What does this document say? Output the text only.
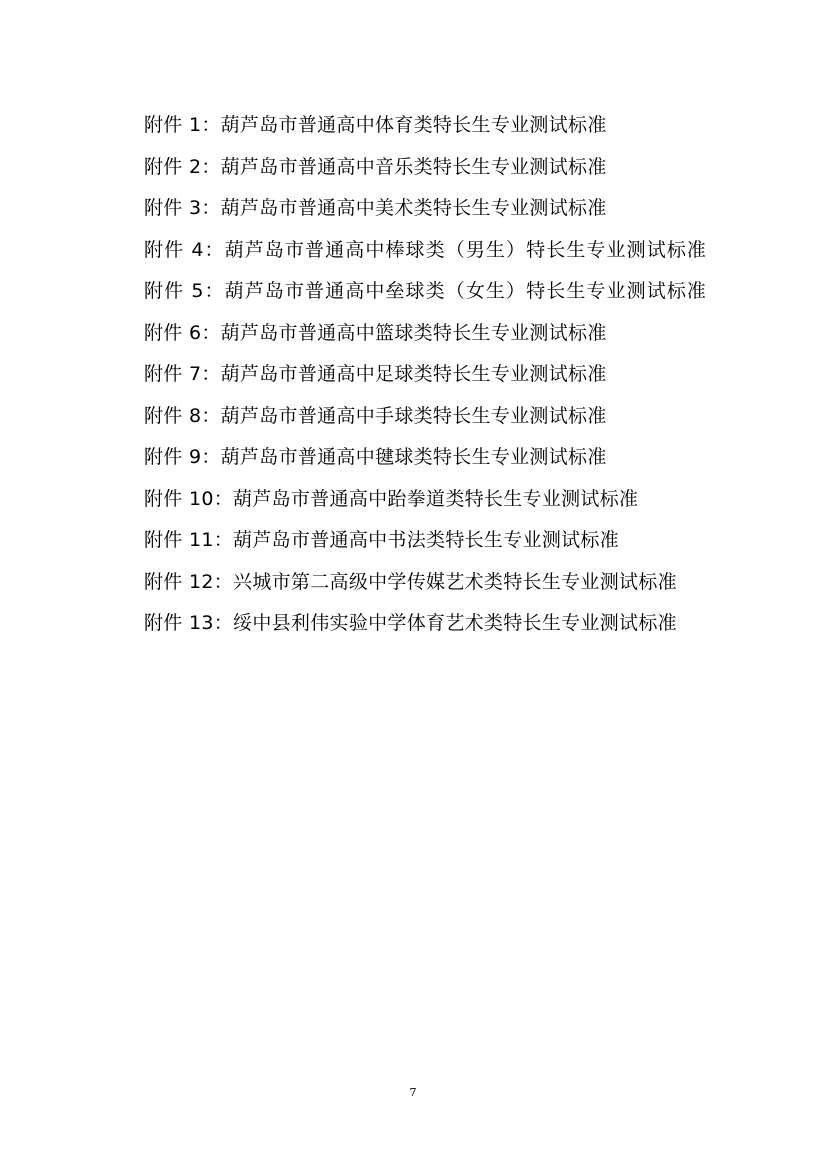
附件 1：葫芦岛市普通高中体育类特长生专业测试标准
附件 2：葫芦岛市普通高中音乐类特长生专业测试标准
附件 3：葫芦岛市普通高中美术类特长生专业测试标准
附件 4：葫芦岛市普通高中棒球类（男生）特长生专业测试标准
附件 5：葫芦岛市普通高中垒球类（女生）特长生专业测试标准
附件 6：葫芦岛市普通高中篮球类特长生专业测试标准
附件 7：葫芦岛市普通高中足球类特长生专业测试标准
附件 8：葫芦岛市普通高中手球类特长生专业测试标准
附件 9：葫芦岛市普通高中毽球类特长生专业测试标准
附件 10：葫芦岛市普通高中跆拳道类特长生专业测试标准
附件 11：葫芦岛市普通高中书法类特长生专业测试标准
附件 12：兴城市第二高级中学传媒艺术类特长生专业测试标准
附件 13：绥中县利伟实验中学体育艺术类特长生专业测试标准
7
